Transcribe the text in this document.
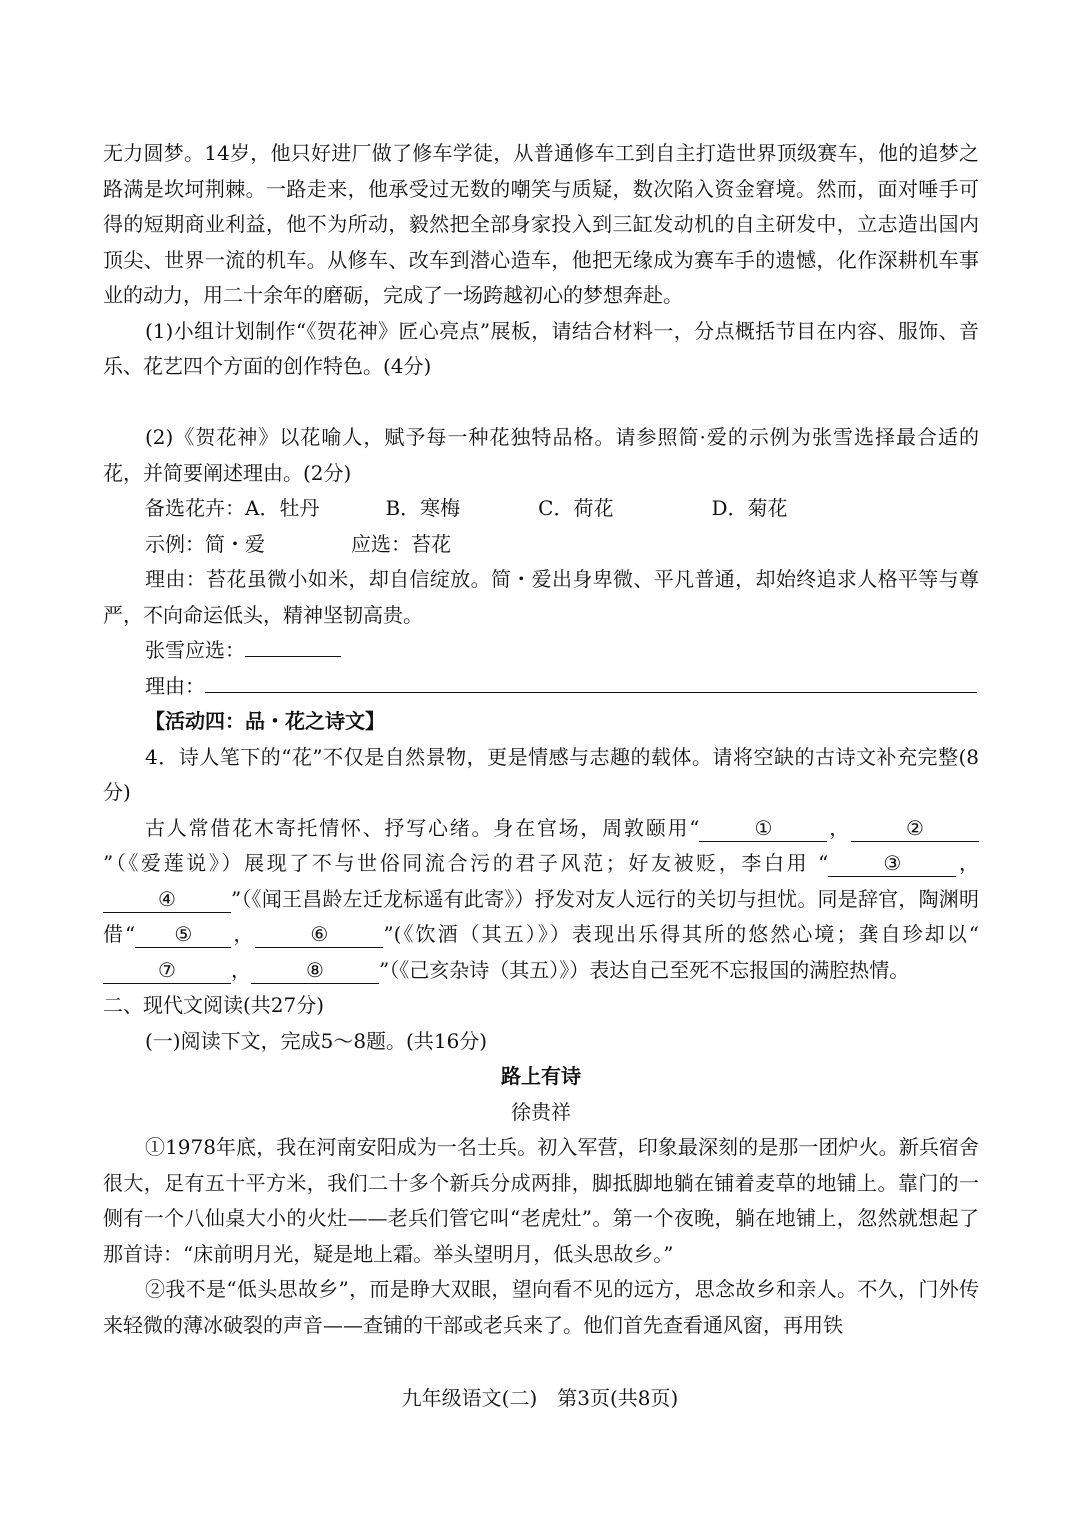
无力圆梦。14岁，他只好进厂做了修车学徒，从普通修车工到自主打造世界顶级赛车，他的追梦之路满是坎坷荆棘。一路走来，他承受过无数的嘲笑与质疑，数次陷入资金窘境。然而，面对唾手可得的短期商业利益，他不为所动，毅然把全部身家投入到三缸发动机的自主研发中，立志造出国内顶尖、世界一流的机车。从修车、改车到潜心造车，他把无缘成为赛车手的遗憾，化作深耕机车事业的动力，用二十余年的磨砺，完成了一场跨越初心的梦想奔赴。

(1)小组计划制作“《贺花神》匠心亮点”展板，请结合材料一，分点概括节目在内容、服饰、音乐、花艺四个方面的创作特色。(4分)

(2)《贺花神》以花喻人，赋予每一种花独特品格。请参照简·爱的示例为张雪选择最合适的花，并简要阐述理由。(2分)

备选花卉：A．牡丹	B．寒梅	C．荷花	D．菊花

示例：简・爱	应选：苔花

理由：苔花虽微小如米，却自信绽放。简・爱出身卑微、平凡普通，却始终追求人格平等与尊严，不向命运低头，精神坚韧高贵。

张雪应选：

理由：

【活动四：品・花之诗文】

4．诗人笔下的“花”不仅是自然景物，更是情感与志趣的载体。请将空缺的古诗文补充完整(8分)

古人常借花木寄托情怀、抒写心绪。身在官场，周敦颐用“	①	，	②”（《爱莲说》）展现了不与世俗同流合污的君子风范；好友被贬，李白用 “	③	，④	”（《闻王昌龄左迁龙标遥有此寄》）抒发对友人远行的关切与担忧。同是辞官，陶渊明借“ ⑤ ，	⑥	”(《饮酒（其五）》）表现出乐得其所的悠然心境；龚自珍却以“⑦	，	⑧	”（《己亥杂诗（其五）》）表达自己至死不忘报国的满腔热情。

二、现代文阅读(共27分)

(一)阅读下文，完成5～8题。(共16分)

路上有诗

徐贵祥

①1978年底，我在河南安阳成为一名士兵。初入军营，印象最深刻的是那一团炉火。新兵宿舍很大，足有五十平方米，我们二十多个新兵分成两排，脚抵脚地躺在铺着麦草的地铺上。靠门的一侧有一个八仙桌大小的火灶——老兵们管它叫“老虎灶”。第一个夜晚，躺在地铺上，忽然就想起了那首诗：“床前明月光，疑是地上霜。举头望明月，低头思故乡。”

②我不是“低头思故乡”，而是睁大双眼，望向看不见的远方，思念故乡和亲人。不久，门外传来轻微的薄冰破裂的声音——查铺的干部或老兵来了。他们首先查看通风窗，再用铁

九年级语文(二)　第3页(共8页)
